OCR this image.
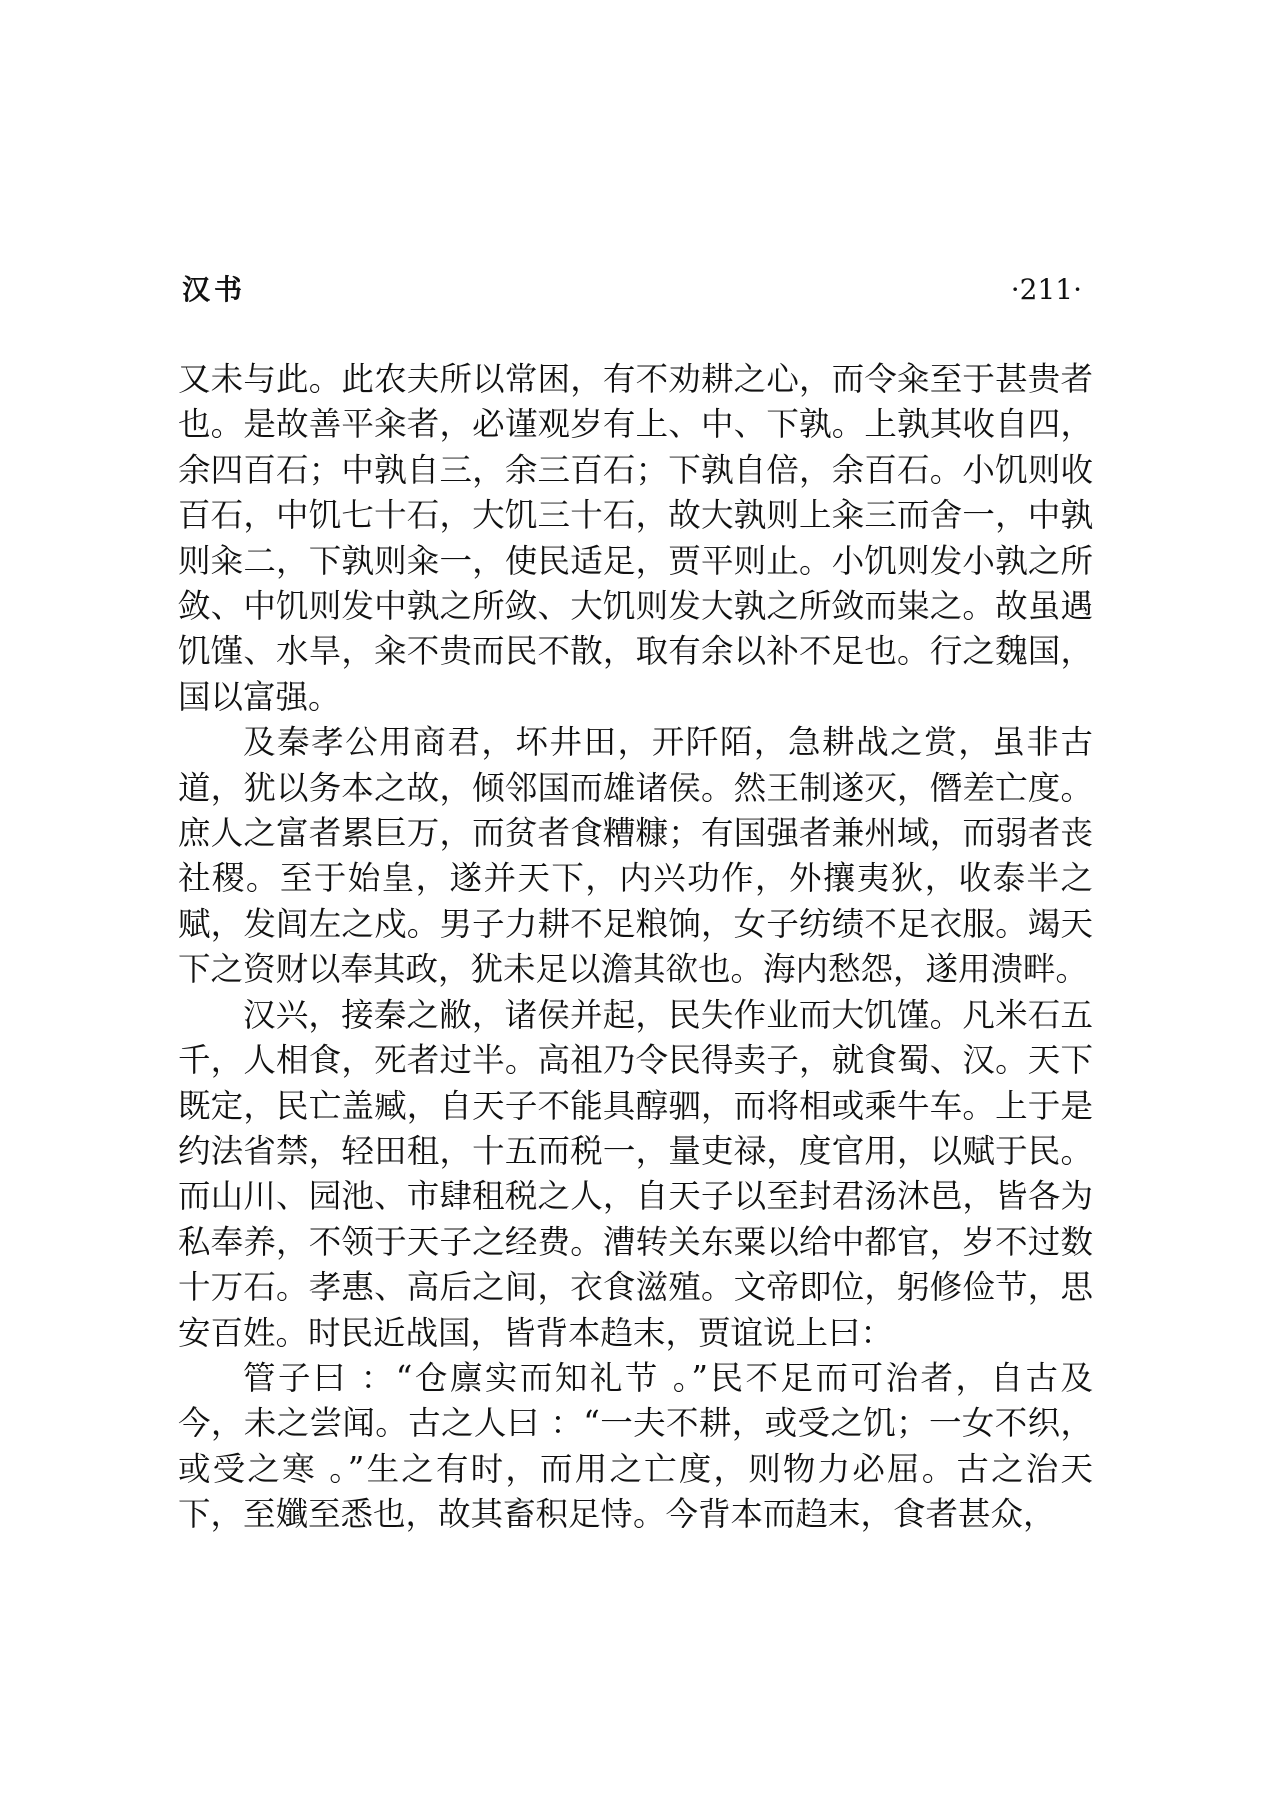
汉书	·211·

又未与此。此农夫所以常困，有不劝耕之心，而令籴至于甚贵者也。是故善平籴者，必谨观岁有上、中、下孰。上孰其收自四，余四百石；中孰自三，余三百石；下孰自倍，余百石。小饥则收百石，中饥七十石，大饥三十石，故大孰则上籴三而舍一，中孰则籴二，下孰则籴一，使民适足，贾平则止。小饥则发小孰之所敛、中饥则发中孰之所敛、大饥则发大孰之所敛而粜之。故虽遇饥馑、水旱，籴不贵而民不散，取有余以补不足也。行之魏国，国以富强。

及秦孝公用商君，坏井田，开阡陌，急耕战之赏，虽非古道，犹以务本之故，倾邻国而雄诸侯。然王制遂灭，僭差亡度。庶人之富者累巨万，而贫者食糟糠；有国强者兼州域，而弱者丧社稷。至于始皇，遂并天下，内兴功作，外攘夷狄，收泰半之赋，发闾左之戍。男子力耕不足粮饷，女子纺绩不足衣服。竭天下之资财以奉其政，犹未足以澹其欲也。海内愁怨，遂用溃畔。

汉兴，接秦之敝，诸侯并起，民失作业而大饥馑。凡米石五千，人相食，死者过半。高祖乃令民得卖子，就食蜀、汉。天下既定，民亡盖臧，自天子不能具醇驷，而将相或乘牛车。上于是约法省禁，轻田租，十五而税一，量吏禄，度官用，以赋于民。而山川、园池、市肆租税之人，自天子以至封君汤沐邑，皆各为私奉养，不领于天子之经费。漕转关东粟以给中都官，岁不过数十万石。孝惠、高后之间，衣食滋殖。文帝即位，躬修俭节，思安百姓。时民近战国，皆背本趋末，贾谊说上曰：

管子曰 ：“仓廪实而知礼节 。”民不足而可治者，自古及今，未之尝闻。古之人曰 ：“一夫不耕，或受之饥；一女不织，或受之寒 。”生之有时，而用之亡度，则物力必屈。古之治天下，至孅至悉也，故其畜积足恃。今背本而趋末，食者甚众，
